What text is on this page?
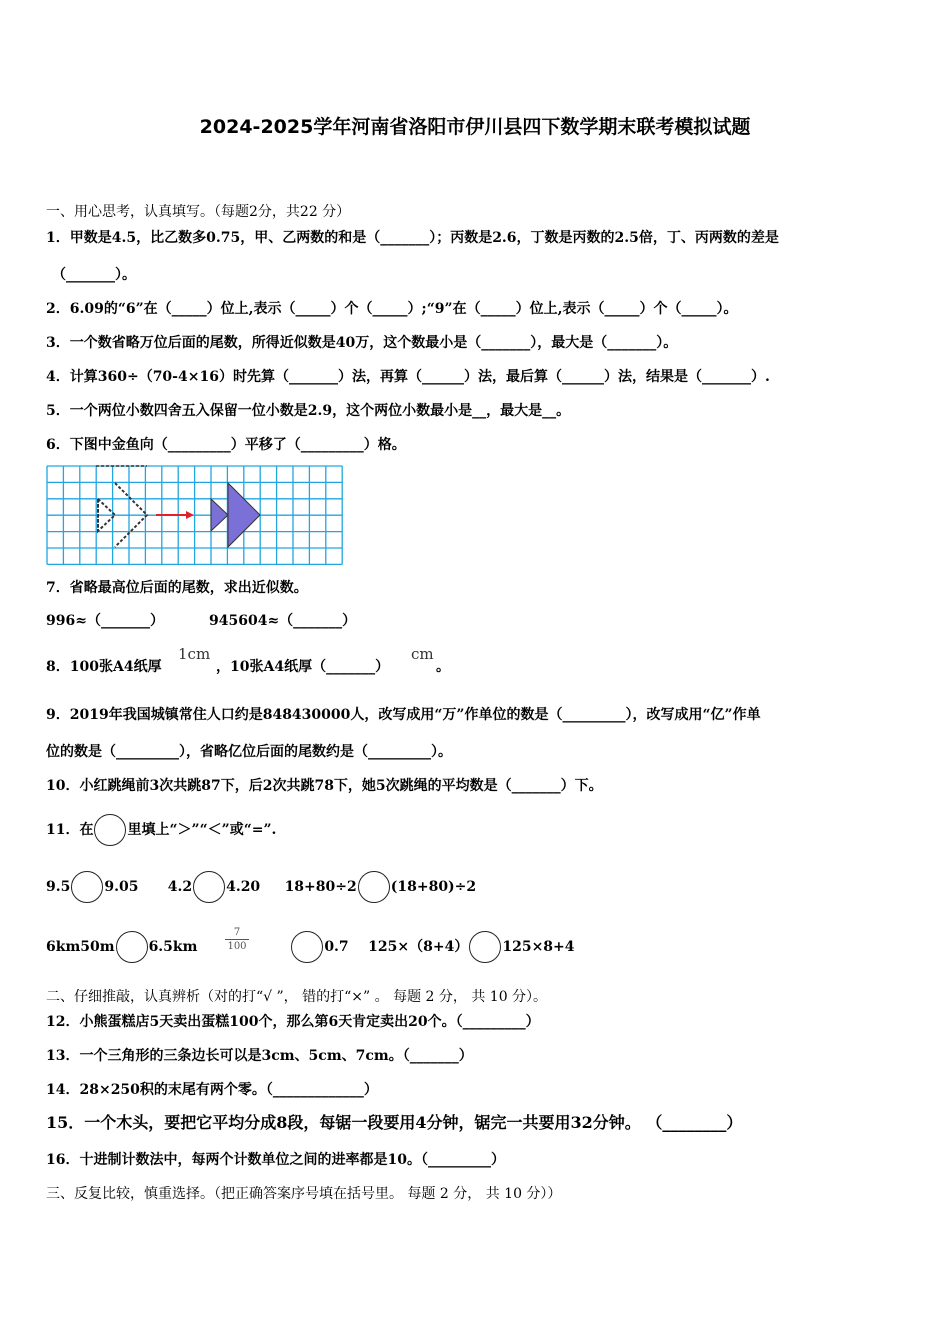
2024-2025学年河南省洛阳市伊川县四下数学期末联考模拟试题
一、用心思考，认真填写。（每题2分，共22 分）
1．甲数是4.5，比乙数多0.75，甲、乙两数的和是（_______）；丙数是2.6，丁数是丙数的2.5倍，丁、丙两数的差是
（_______）。
2．6.09的“6”在（_____）位上,表示（_____）个（_____）;“9”在（_____）位上,表示（_____）个（_____）。
3．一个数省略万位后面的尾数，所得近似数是40万，这个数最小是（_______），最大是（_______）。
4．计算360÷（70-4×16）时先算（_______）法，再算（______）法，最后算（______）法，结果是（_______）.
5．一个两位小数四舍五入保留一位小数是2.9，这个两位小数最小是__，最大是__。
6．下图中金鱼向（_________）平移了（_________）格。
7．省略最高位后面的尾数，求出近似数。
996≈（_______）	945604≈（_______）
8．100张A4纸厚
1cm
，10张A4纸厚（_______）
cm
。
9．2019年我国城镇常住人口约是848430000人，改写成用“万”作单位的数是（_________），改写成用“亿”作单
位的数是（_________），省略亿位后面的尾数约是（_________）。
10．小红跳绳前3次共跳87下，后2次共跳78下，她5次跳绳的平均数是（_______）下。
11．在 里填上“＞”“＜”或“=”.
9.5 9.05 4.2 4.20 18+80÷2 (18+80)÷2
6km50m 6.5km	0.7 125×（8+4） 125×8+4
7
100
二、仔细推敲，认真辨析（对的打“√ ”， 错的打“×” 。 每题 2 分， 共 10 分）。
12．小熊蛋糕店5天卖出蛋糕100个，那么第6天肯定卖出20个。（_________）
13．一个三角形的三条边长可以是3cm、5cm、7cm。（_______）
14．28×250积的末尾有两个零。（_____________）
15．一个木头，要把它平均分成8段，每锯一段要用4分钟，锯完一共要用32分钟。 （________）
16．十进制计数法中，每两个计数单位之间的进率都是10。（_________）
三、反复比较，慎重选择。（把正确答案序号填在括号里。 每题 2 分， 共 10 分））
